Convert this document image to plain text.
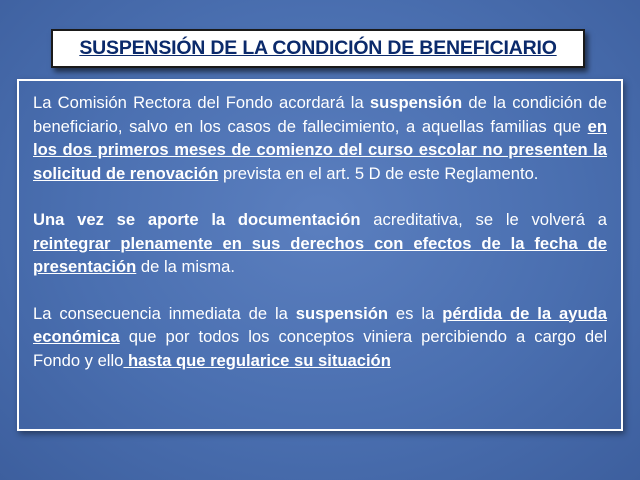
SUSPENSIÓN DE LA CONDICIÓN DE BENEFICIARIO

La Comisión Rectora del Fondo acordará la suspensión de la condición de beneficiario, salvo en los casos de fallecimiento, a aquellas familias que en los dos primeros meses de comienzo del curso escolar no presenten la solicitud de renovación prevista en el art. 5 D de este Reglamento.

Una vez se aporte la documentación acreditativa, se le volverá a reintegrar plenamente en sus derechos con efectos de la fecha de presentación de la misma.

La consecuencia inmediata de la suspensión es la pérdida de la ayuda económica que por todos los conceptos viniera percibiendo a cargo del Fondo y ello hasta que regularice su situación
